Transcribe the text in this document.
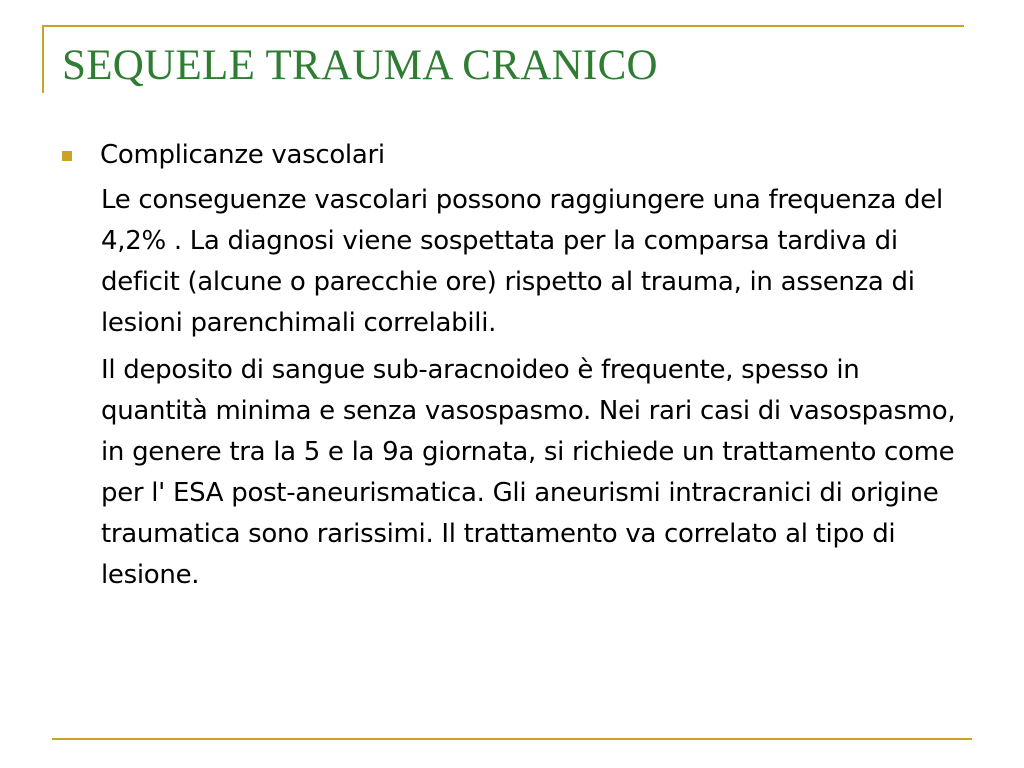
SEQUELE TRAUMA CRANICO
Complicanze vascolari

Le conseguenze vascolari possono raggiungere una frequenza del 4,2% . La diagnosi viene sospettata per la comparsa tardiva di deficit (alcune o parecchie ore) rispetto al trauma, in assenza di lesioni parenchimali correlabili.

Il deposito di sangue sub-aracnoideo è frequente, spesso in quantità minima e senza vasospasmo. Nei rari casi di vasospasmo, in genere tra la 5 e la 9a giornata, si richiede un trattamento come per l' ESA post-aneurismatica. Gli aneurismi intracranici di origine traumatica sono rarissimi. Il trattamento va correlato al tipo di lesione.
